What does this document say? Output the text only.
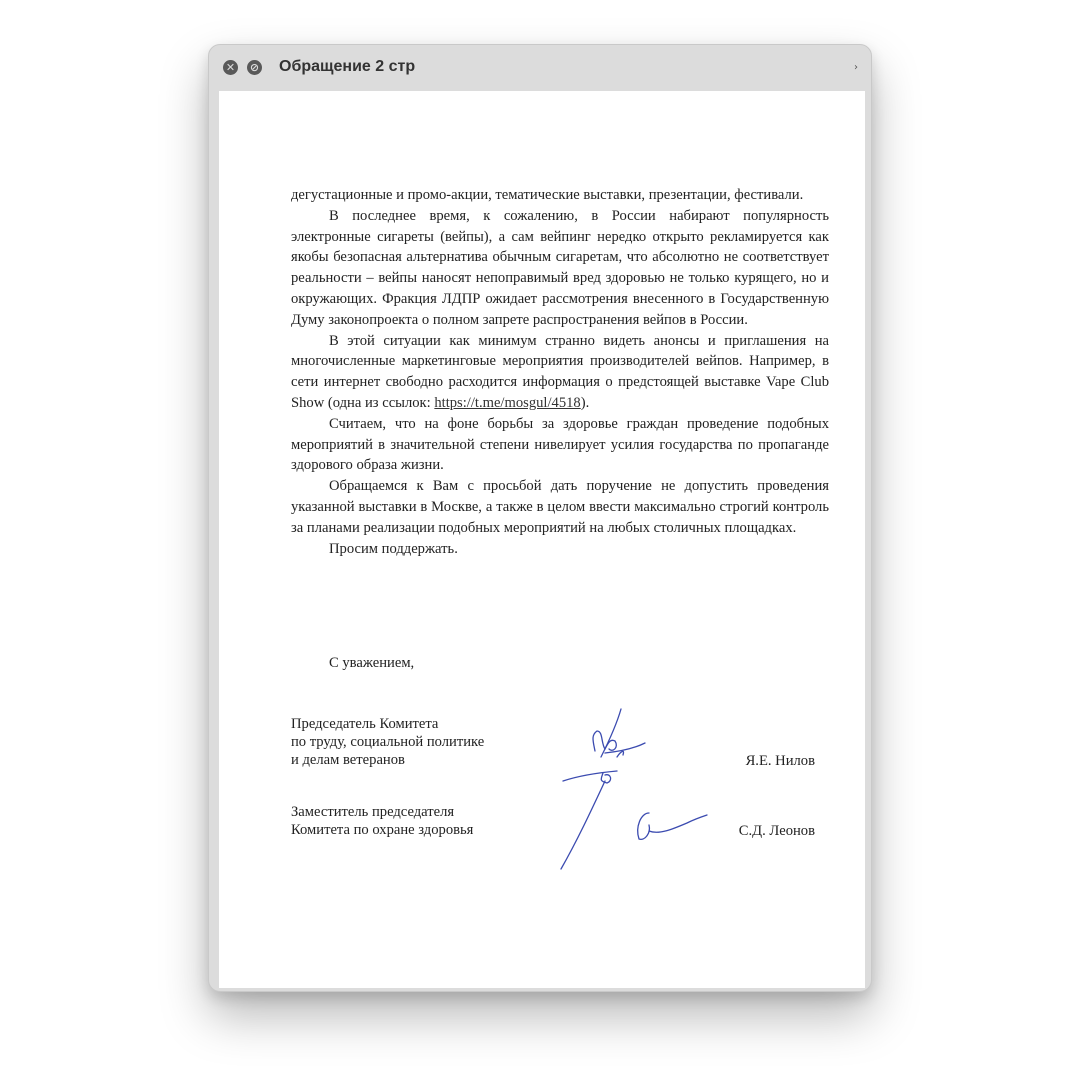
✕ ⊘ Обращение 2 стр	›

дегустационные и промо-акции, тематические выставки, презентации, фестивали.

В последнее время, к сожалению, в России набирают популярность электронные сигареты (вейпы), а сам вейпинг нередко открыто рекламируется как якобы безопасная альтернатива обычным сигаретам, что абсолютно не соответствует реальности – вейпы наносят непоправимый вред здоровью не только курящего, но и окружающих. Фракция ЛДПР ожидает рассмотрения внесенного в Государственную Думу законопроекта о полном запрете распространения вейпов в России.

В этой ситуации как минимум странно видеть анонсы и приглашения на многочисленные маркетинговые мероприятия производителей вейпов. Например, в сети интернет свободно расходится информация о предстоящей выставке Vape Club Show (одна из ссылок: https://t.me/mosgul/4518).

Считаем, что на фоне борьбы за здоровье граждан проведение подобных мероприятий в значительной степени нивелирует усилия государства по пропаганде здорового образа жизни.

Обращаемся к Вам с просьбой дать поручение не допустить проведения указанной выставки в Москве, а также в целом ввести максимально строгий контроль за планами реализации подобных мероприятий на любых столичных площадках.

Просим поддержать.

С уважением,
Председатель Комитета
по труду, социальной политике
и делам ветеранов	Я.Е. Нилов
Заместитель председателя
Комитета по охране здоровья	С.Д. Леонов
